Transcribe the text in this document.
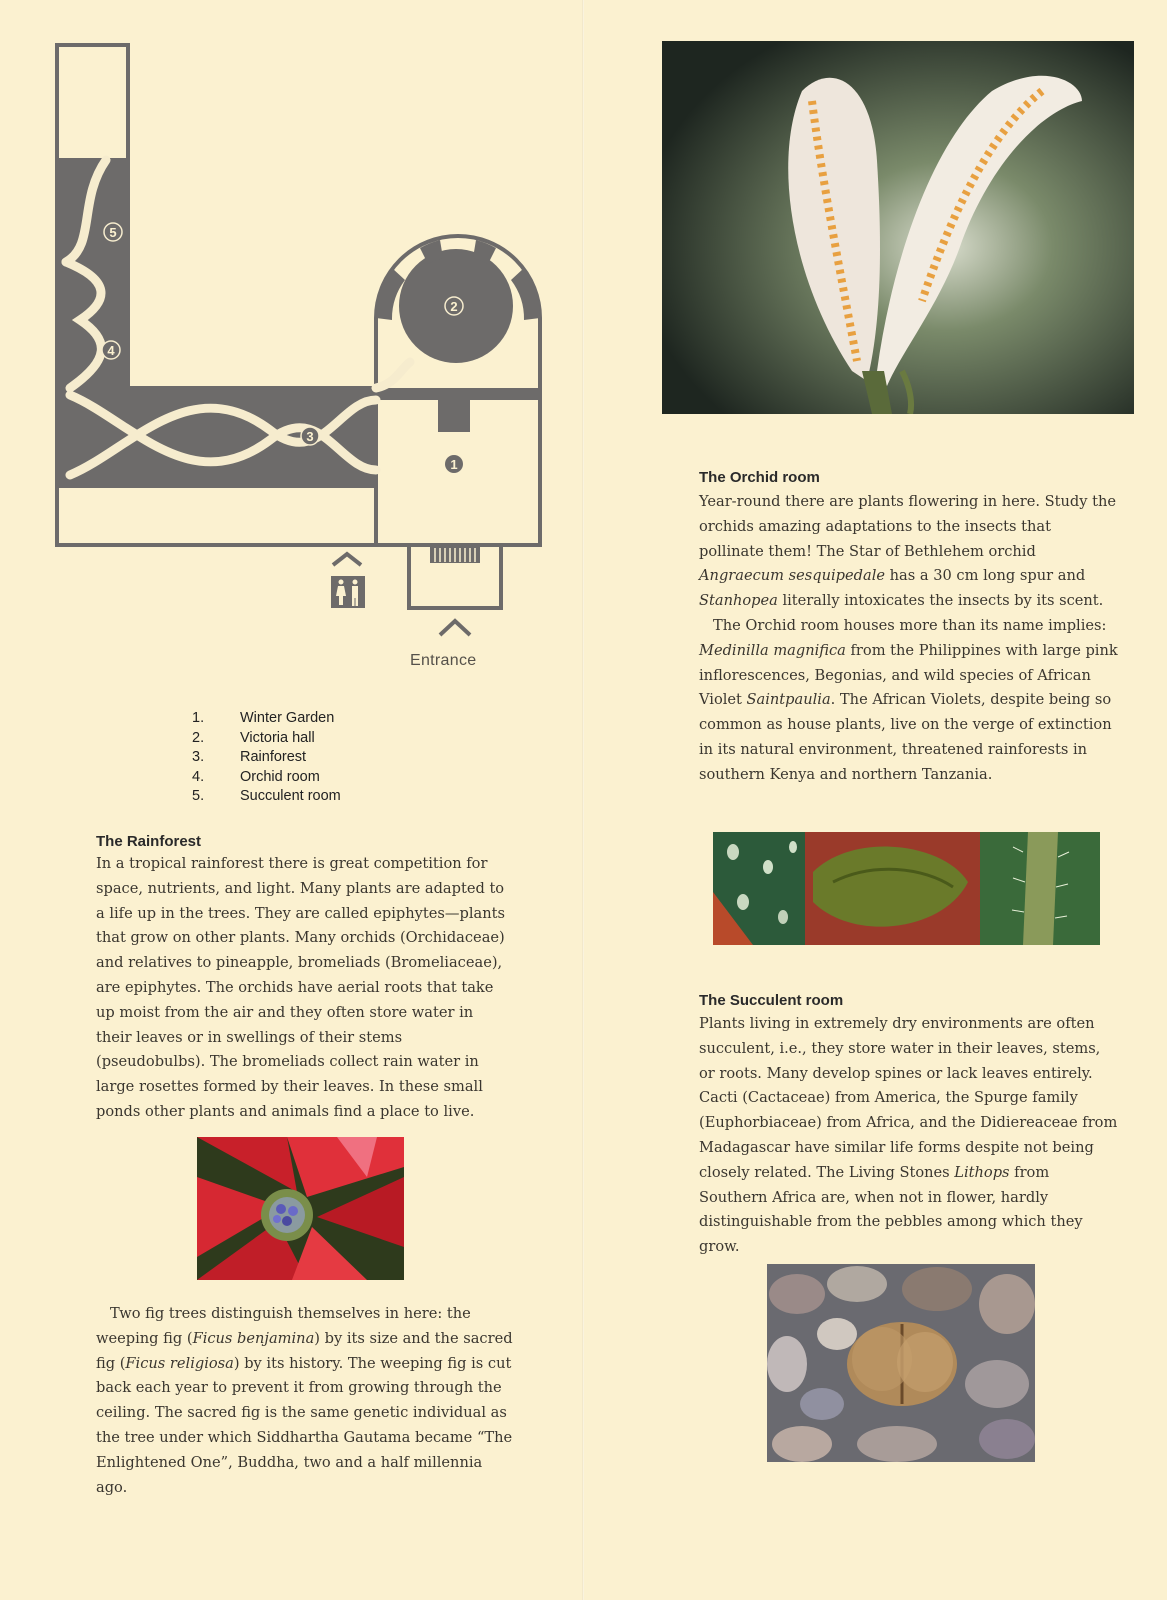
1
2
3
4
5
Entrance
1.	Winter Garden
2.	Victoria hall
3.	Rainforest
4.	Orchid room
5.	Succulent room
The Rainforest

In a tropical rainforest there is great competition for space, nutrients, and light. Many plants are adapted to a life up in the trees. They are called epiphytes—plants that grow on other plants. Many orchids (Orchidaceae) and relatives to pineapple, bromeliads (Bromeliaceae), are epiphytes. The orchids have aerial roots that take up moist from the air and they often store water in their leaves or in swellings of their stems (pseudobulbs). The bromeliads collect rain water in large rosettes formed by their leaves. In these small ponds other plants and animals find a place to live.

Two fig trees distinguish themselves in here: the weeping fig (Ficus benjamina) by its size and the sacred fig (Ficus religiosa) by its history. The weeping fig is cut back each year to prevent it from growing through the ceiling. The sacred fig is the same genetic individual as the tree under which Siddhartha Gautama became “The Enlightened One”, Buddha, two and a half millennia ago.

The Orchid room

Year-round there are plants flowering in here. Study the orchids amazing adaptations to the insects that pollinate them! The Star of Bethlehem orchid Angraecum sesquipedale has a 30 cm long spur and Stanhopea literally intoxicates the insects by its scent.

The Orchid room houses more than its name implies: Medinilla magnifica from the Philippines with large pink inflorescences, Begonias, and wild species of African Violet Saintpaulia. The African Violets, despite being so common as house plants, live on the verge of extinction in its natural environment, threatened rainforests in southern Kenya and northern Tanzania.

The Succulent room

Plants living in extremely dry environments are often succulent, i.e., they store water in their leaves, stems, or roots. Many develop spines or lack leaves entirely. Cacti (Cactaceae) from America, the Spurge family (Euphorbiaceae) from Africa, and the Didiereaceae from Madagascar have similar life forms despite not being closely related. The Living Stones Lithops from Southern Africa are, when not in flower, hardly distinguishable from the pebbles among which they grow.
